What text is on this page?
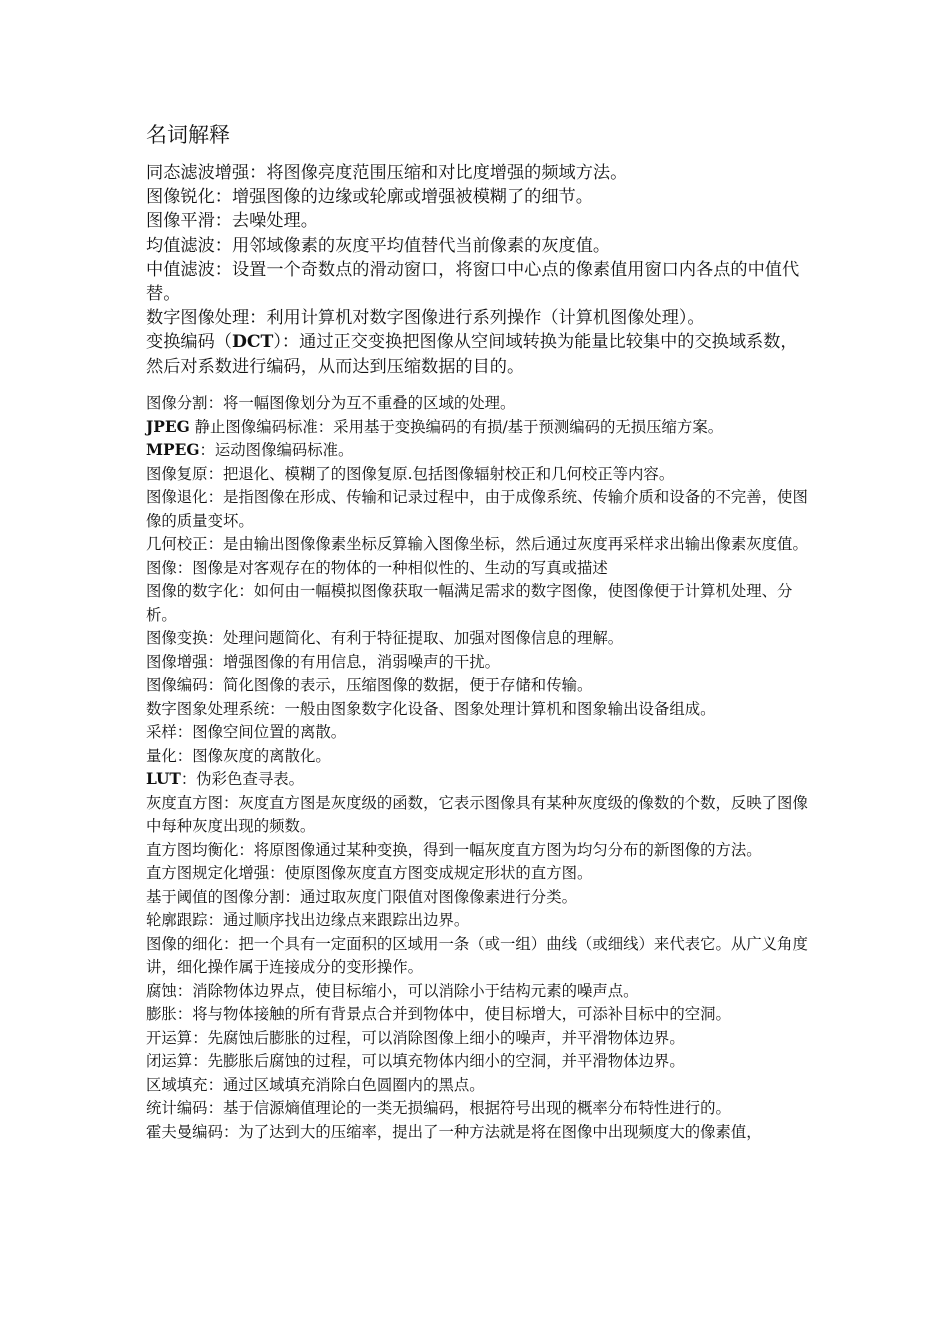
名词解释

同态滤波增强：将图像亮度范围压缩和对比度增强的频域方法。

图像锐化：增强图像的边缘或轮廓或增强被模糊了的细节。

图像平滑：去噪处理。

均值滤波：用邻域像素的灰度平均值替代当前像素的灰度值。

中值滤波：设置一个奇数点的滑动窗口，将窗口中心点的像素值用窗口内各点的中值代替。

数字图像处理：利用计算机对数字图像进行系列操作（计算机图像处理）。

变换编码（DCT）：通过正交变换把图像从空间域转换为能量比较集中的交换域系数，然后对系数进行编码，从而达到压缩数据的目的。

图像分割：将一幅图像划分为互不重叠的区域的处理。

JPEG 静止图像编码标准：采用基于变换编码的有损/基于预测编码的无损压缩方案。

MPEG：运动图像编码标准。

图像复原：把退化、模糊了的图像复原.包括图像辐射校正和几何校正等内容。

图像退化：是指图像在形成、传输和记录过程中，由于成像系统、传输介质和设备的不完善，使图像的质量变坏。

几何校正：是由输出图像像素坐标反算输入图像坐标，然后通过灰度再采样求出输出像素灰度值。

图像：图像是对客观存在的物体的一种相似性的、生动的写真或描述

图像的数字化：如何由一幅模拟图像获取一幅满足需求的数字图像，使图像便于计算机处理、分析。

图像变换：处理问题简化、有利于特征提取、加强对图像信息的理解。

图像增强：增强图像的有用信息，消弱噪声的干扰。

图像编码：简化图像的表示，压缩图像的数据，便于存储和传输。

数字图象处理系统：一般由图象数字化设备、图象处理计算机和图象输出设备组成。

采样：图像空间位置的离散。

量化：图像灰度的离散化。

LUT：伪彩色查寻表。

灰度直方图：灰度直方图是灰度级的函数，它表示图像具有某种灰度级的像数的个数，反映了图像中每种灰度出现的频数。

直方图均衡化：将原图像通过某种变换，得到一幅灰度直方图为均匀分布的新图像的方法。

直方图规定化增强：使原图像灰度直方图变成规定形状的直方图。

基于阈值的图像分割：通过取灰度门限值对图像像素进行分类。

轮廓跟踪：通过顺序找出边缘点来跟踪出边界。

图像的细化：把一个具有一定面积的区域用一条（或一组）曲线（或细线）来代表它。从广义角度讲，细化操作属于连接成分的变形操作。

腐蚀：消除物体边界点，使目标缩小，可以消除小于结构元素的噪声点。

膨胀：将与物体接触的所有背景点合并到物体中，使目标增大，可添补目标中的空洞。

开运算：先腐蚀后膨胀的过程，可以消除图像上细小的噪声，并平滑物体边界。

闭运算：先膨胀后腐蚀的过程，可以填充物体内细小的空洞，并平滑物体边界。

区域填充：通过区域填充消除白色圆圈内的黑点。

统计编码：基于信源熵值理论的一类无损编码，根据符号出现的概率分布特性进行的。

霍夫曼编码：为了达到大的压缩率，提出了一种方法就是将在图像中出现频度大的像素值，
